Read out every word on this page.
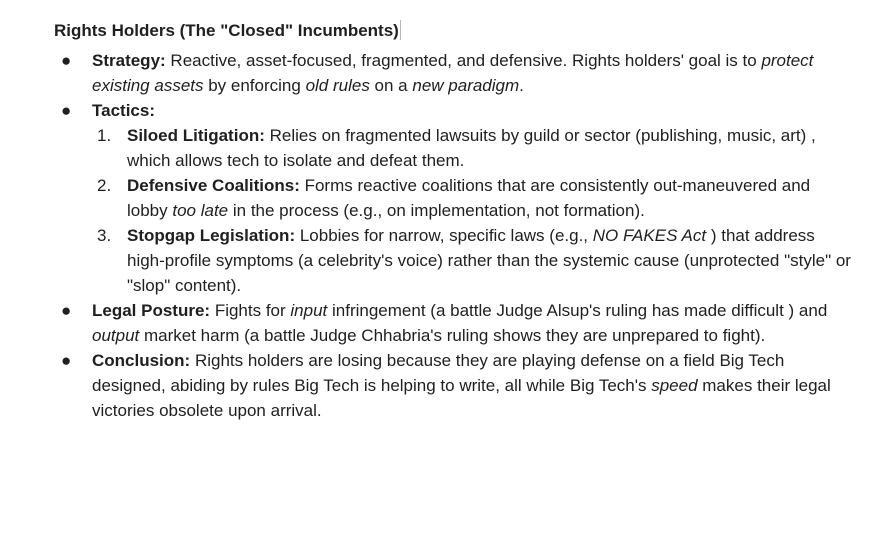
Rights Holders (The "Closed" Incumbents)
● Strategy: Reactive, asset-focused, fragmented, and defensive. Rights holders' goal is to protect existing assets by enforcing old rules on a new paradigm.
● Tactics:
1. Siloed Litigation: Relies on fragmented lawsuits by guild or sector (publishing, music, art) , which allows tech to isolate and defeat them.
2. Defensive Coalitions: Forms reactive coalitions that are consistently out-maneuvered and lobby too late in the process (e.g., on implementation, not formation).
3. Stopgap Legislation: Lobbies for narrow, specific laws (e.g., NO FAKES Act ) that address high-profile symptoms (a celebrity's voice) rather than the systemic cause (unprotected "style" or "slop" content).
● Legal Posture: Fights for input infringement (a battle Judge Alsup's ruling has made difficult ) and output market harm (a battle Judge Chhabria's ruling shows they are unprepared to fight).
● Conclusion: Rights holders are losing because they are playing defense on a field Big Tech designed, abiding by rules Big Tech is helping to write, all while Big Tech's speed makes their legal victories obsolete upon arrival.
